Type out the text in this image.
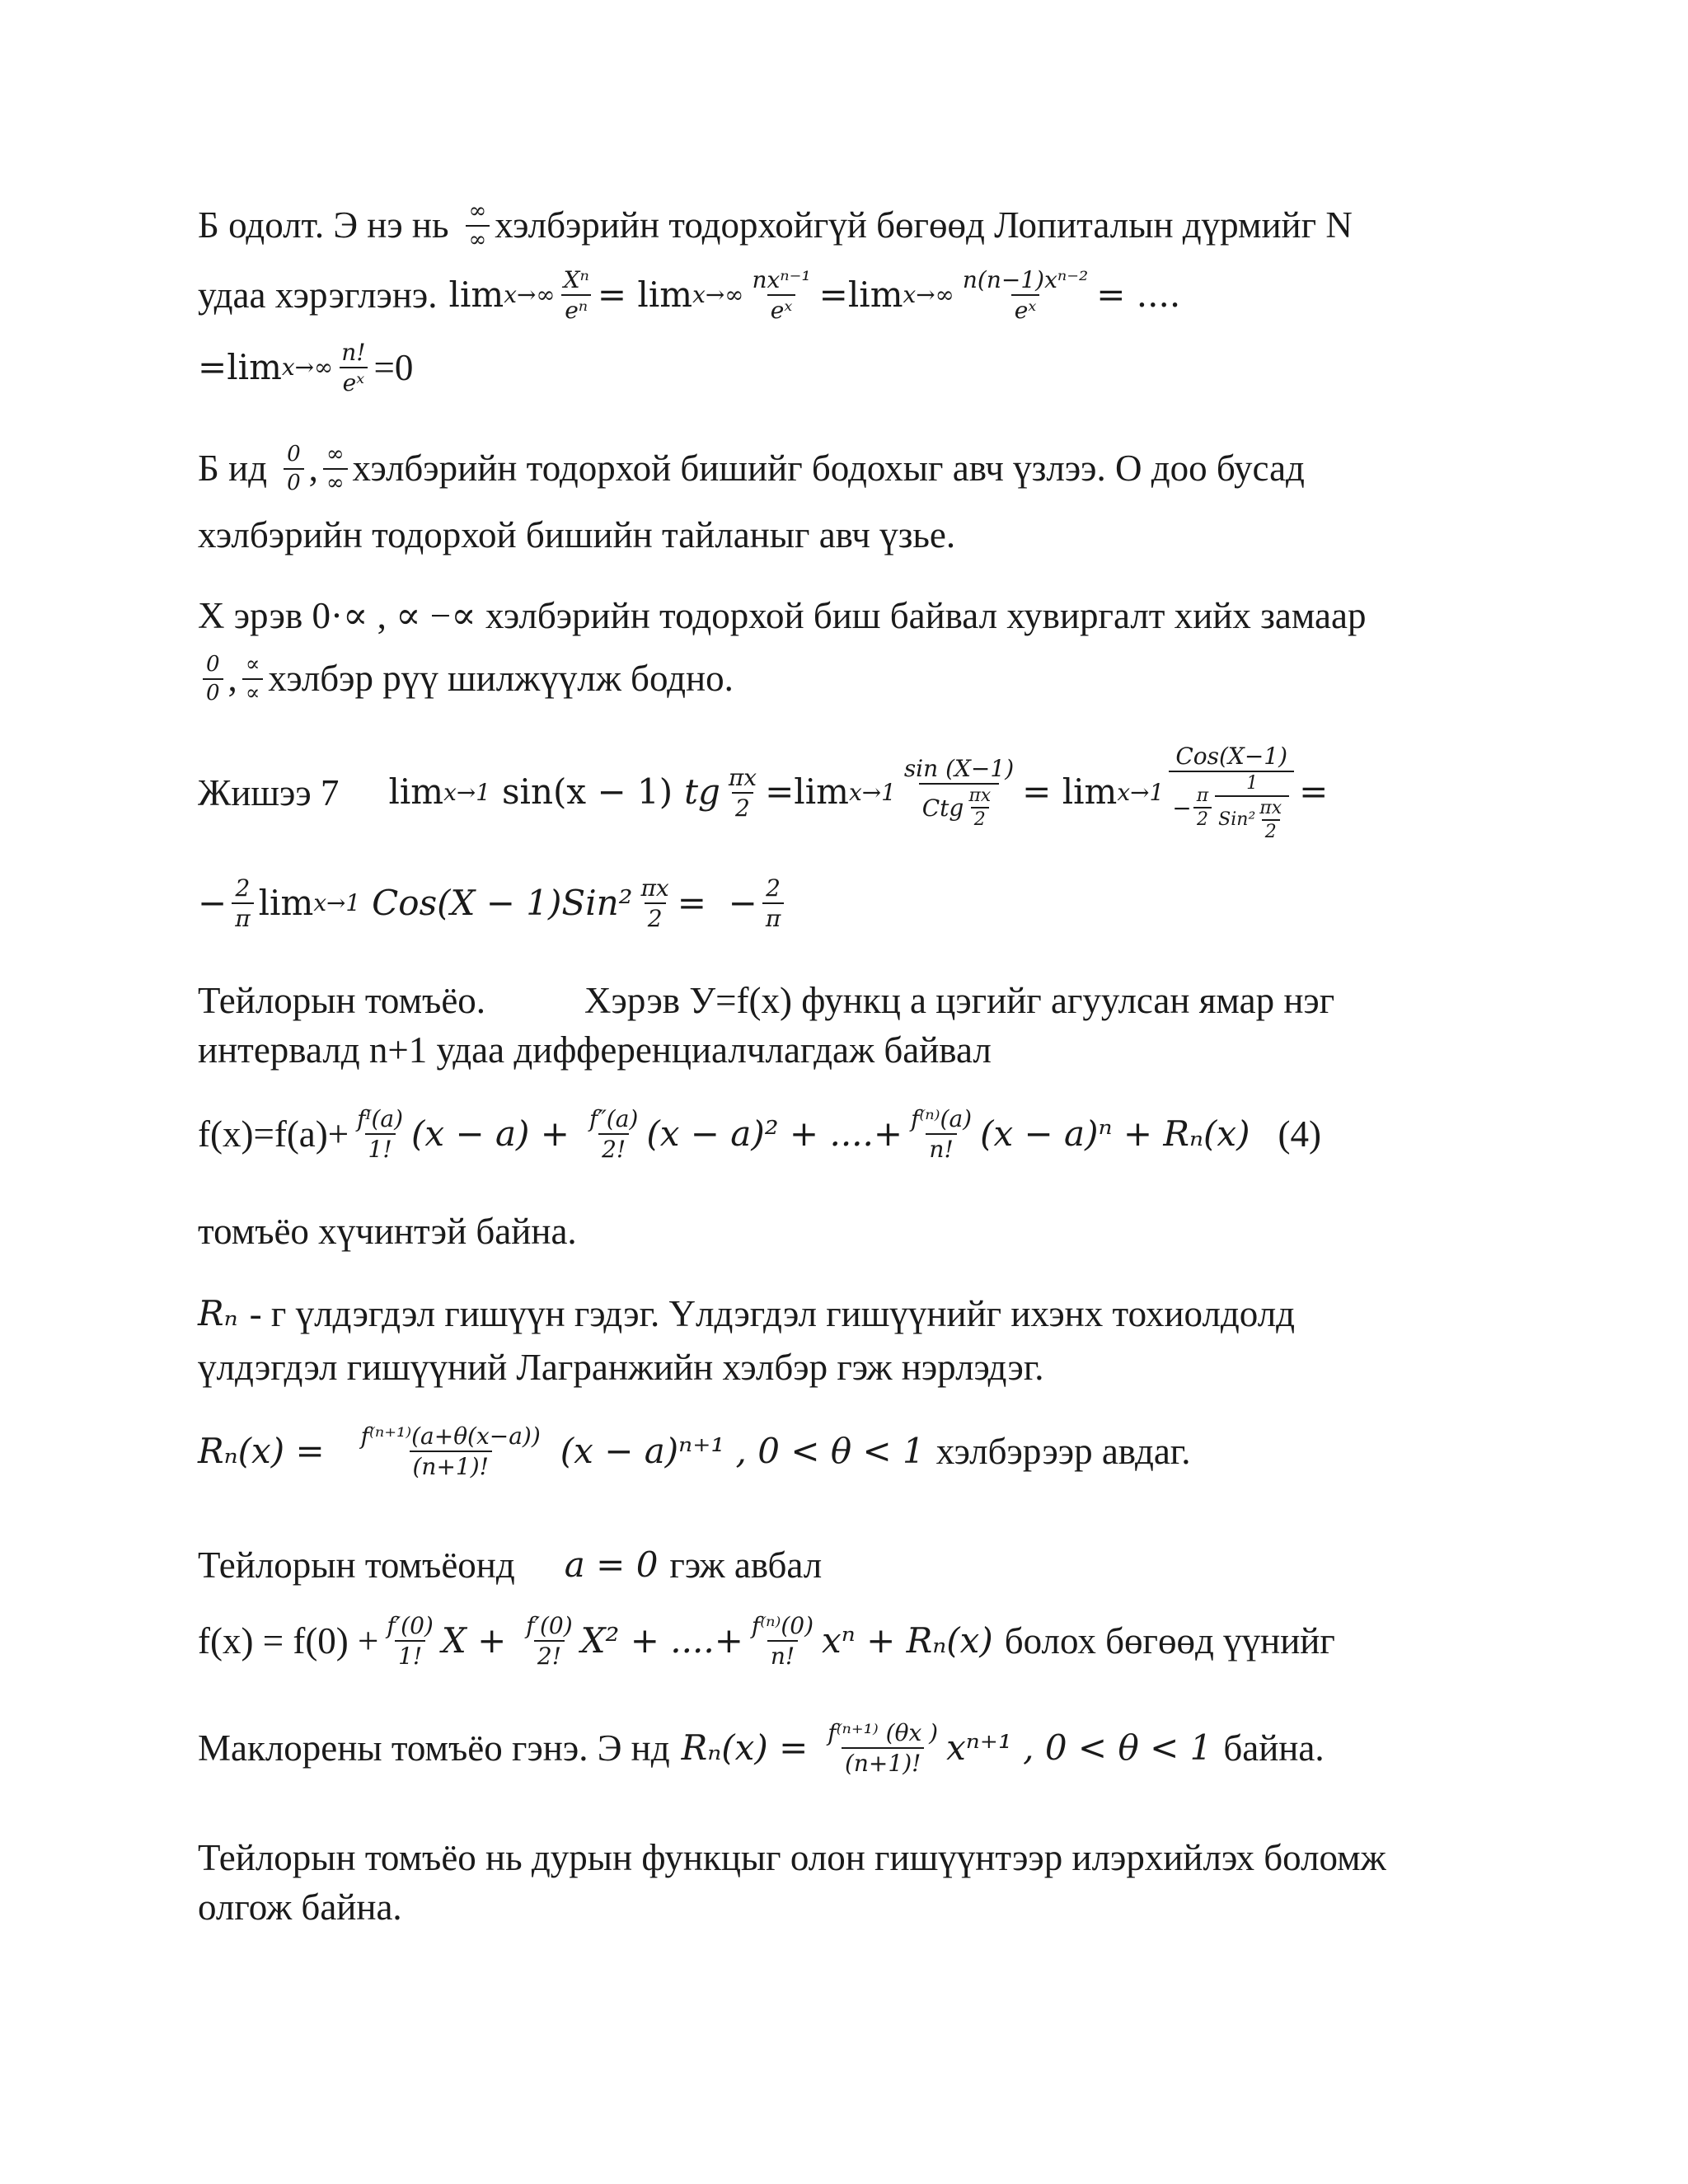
Б одолт. Э нэ нь $\frac{\infty}{\infty}$ хэлбэрийн тодорхойгүй бөгөөд Лопиталын дүрмийг N
удаа хэрэглэнэ. $\lim x\to\infty \frac{\text{Xⁿ}}{\text{eⁿ}} = \lim x\to\infty \frac{\text{nxⁿ⁻¹}}{\text{eˣ}} = \lim x\to\infty \frac{\text{n(n−1)xⁿ⁻²}}{\text{eˣ}}$ = ....
= $\lim x\to\infty \frac{n!}{\text{eˣ}} =0$
Б ид $\frac{0}{0}$ , $\frac{\infty}{\infty}$ хэлбэрийн тодорхой бишийг бодохыг авч үзлээ. О доо бусад
хэлбэрийн тодорхой бишийн тайланыг авч үзье.
Х эрэв 0·∝ , ∝ −∝ хэлбэрийн тодорхой биш байвал хувиргалт хийх замаар
$\frac{0}{0}$ , $\frac{\propto}{\propto}$ хэлбэр рүү шилжүүлж бодно.
Жишээ 7 lim x→1 sin(x − 1) tg $\frac{\pi x}{2} = \lim x\to 1 \frac{\sin (X-1)}{Ctg \frac{\pi x}{2}} = \lim x\to 1 \frac{\text{Cos(X−1)}}{- \frac{\pi}{2} \frac{1}{Sin^2 \frac{\pi x}{2}}}$ =
− $\frac{2}{\pi}$ lim x→1 $Cos(X - 1)Sin^2 \frac{\pi x}{2}$ =  − $\frac{2}{\pi}$
Тейлорын томъёо.	Хэрэв У=f(x) функц а цэгийг агуулсан ямар нэг
интервалд n+1 удаа дифференциалчлагдаж байвал
$f(x)=f(a)+ \frac{\text{fᴵ(a)}}{1!} (x - a) + \frac{f''(a)}{2!} (x - a)^2$ + ....+ $\frac{\text{f⁽ⁿ⁾(a)}}{n!} (x - a)^n + R_n(x)$ (4)
томъёо хүчинтэй байна.
Rₙ - г үлдэгдэл гишүүн гэдэг. Үлдэгдэл гишүүнийг ихэнх тохиолдолд
үлдэгдэл гишүүний Лагранжийн хэлбэр гэж нэрлэдэг.
$R_n(x) = \frac{\text{f⁽ⁿ⁺¹⁾(a+θ(x−a))}}{(n+1)!} (x - a)^{n+1}$ , 0 < θ < 1 хэлбэрээр авдаг.
Тейлорын томъёонд a = 0 гэж авбал
$f(x) = f(0) + \frac{f'(0)}{1!}$ $X + \frac{f'(0)}{2!} X^2$ + ....+ $\frac{\text{f⁽ⁿ⁾(0)}}{n!}$ xⁿ + Rₙ(x) болох бөгөөд үүнийг
Маклорены томъёо гэнэ. Э нд $R_n(x) = \frac{\text{f⁽ⁿ⁺¹⁾ (θx )}}{(n+1)!} x^{n+1}$ , 0 < θ < 1 байна.
Тейлорын томъёо нь дурын функцыг олон гишүүнтээр илэрхийлэх боломж
олгож байна.
